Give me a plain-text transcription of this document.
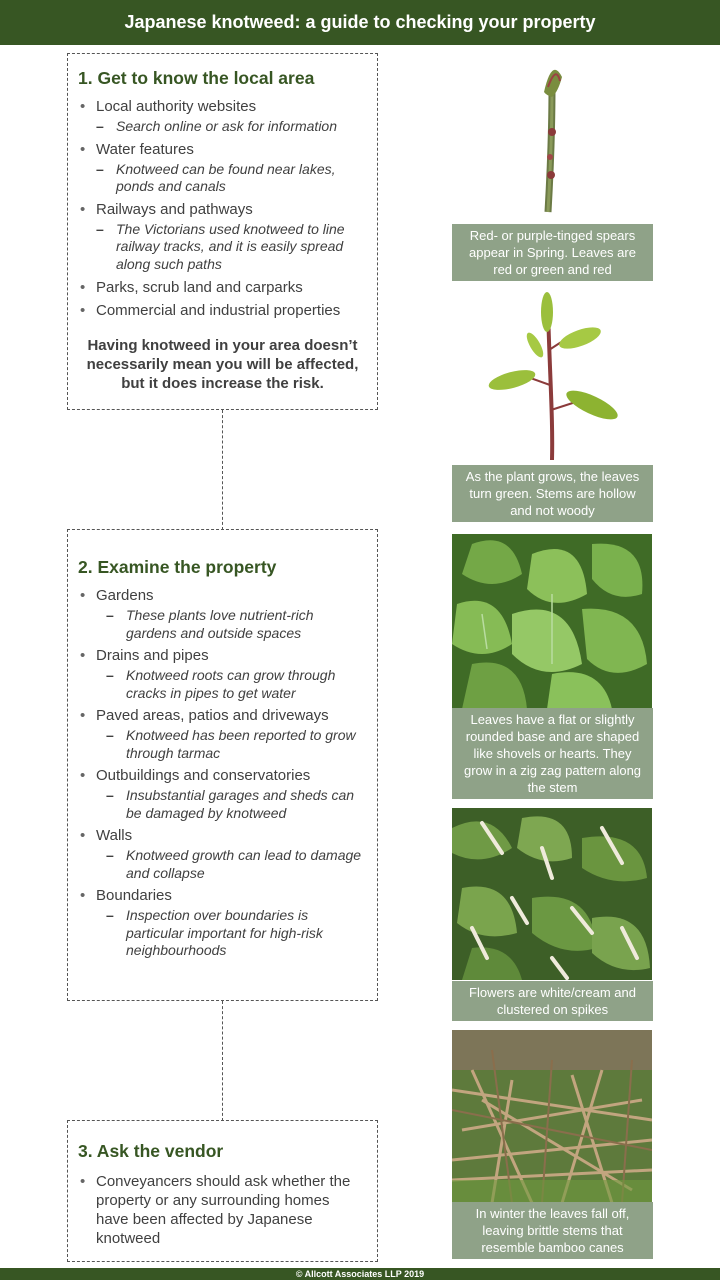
Japanese knotweed: a guide to checking your property
1. Get to know the local area
• Local authority websites
– Search online or ask for information
• Water features
– Knotweed can be found near lakes, ponds and canals
• Railways and pathways
– The Victorians used knotweed to line railway tracks, and it is easily spread along such paths
• Parks, scrub land and carparks
• Commercial and industrial properties
Having knotweed in your area doesn’t necessarily mean you will be affected, but it does increase the risk.
2. Examine the property
• Gardens
– These plants love nutrient-rich gardens and outside spaces
• Drains and pipes
– Knotweed roots can grow through cracks in pipes to get water
• Paved areas, patios and driveways
– Knotweed has been reported to grow through tarmac
• Outbuildings and conservatories
– Insubstantial garages and sheds can be damaged by knotweed
• Walls
– Knotweed growth can lead to damage and collapse
• Boundaries
– Inspection over boundaries is particular important for high-risk neighbourhoods
3. Ask the vendor
• Conveyancers should ask whether the property or any surrounding homes have been affected by Japanese knotweed
Red- or purple-tinged spears appear in Spring. Leaves are red or green and red
As the plant grows, the leaves turn green. Stems are hollow and not woody
Leaves have a flat or slightly rounded base and are shaped like shovels or hearts. They grow in a zig zag pattern along the stem
Flowers are white/cream and clustered on spikes
In winter the leaves fall off, leaving brittle stems that resemble bamboo canes
© Allcott Associates LLP 2019
